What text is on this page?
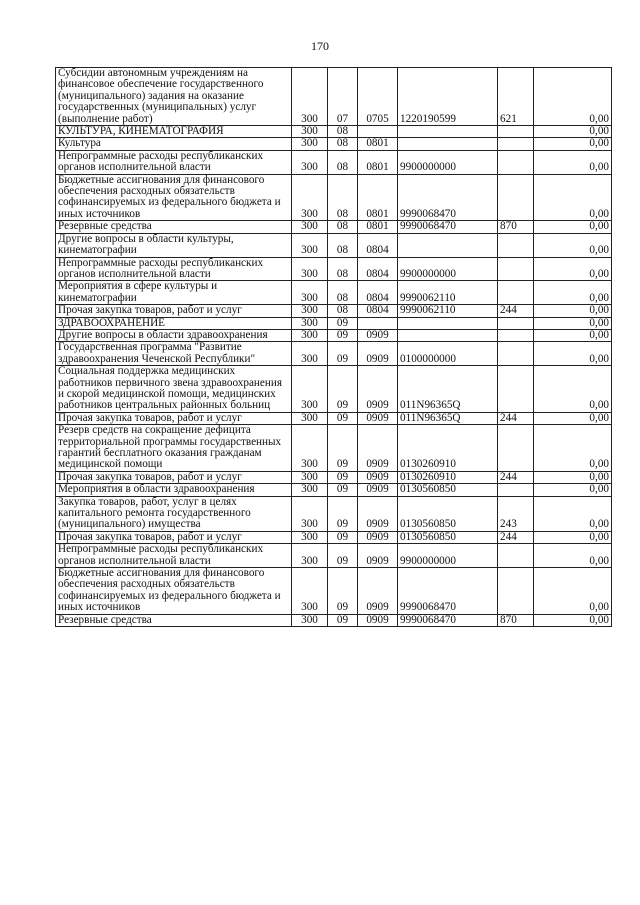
170
Субсидии автономным учреждениям на финансовое обеспечение государственного (муниципального) задания на оказание государственных (муниципальных) услуг (выполнение работ)	300	07	0705	1220190599	621	0,00
КУЛЬТУРА, КИНЕМАТОГРАФИЯ	300	08				0,00
Культура	300	08	0801			0,00
Непрограммные расходы республиканских органов исполнительной власти	300	08	0801	9900000000		0,00
Бюджетные ассигнования для финансового обеспечения расходных обязательств софинансируемых из федерального бюджета и иных источников	300	08	0801	9990068470		0,00
Резервные средства	300	08	0801	9990068470	870	0,00
Другие вопросы в области культуры, кинематографии	300	08	0804			0,00
Непрограммные расходы республиканских органов исполнительной власти	300	08	0804	9900000000		0,00
Мероприятия в сфере культуры и кинематографии	300	08	0804	9990062110		0,00
Прочая закупка товаров, работ и услуг	300	08	0804	9990062110	244	0,00
ЗДРАВООХРАНЕНИЕ	300	09				0,00
Другие вопросы в области здравоохранения	300	09	0909			0,00
Государственная программа "Развитие здравоохранения Чеченской Республики"	300	09	0909	0100000000		0,00
Социальная поддержка медицинских работников первичного звена здравоохранения и скорой медицинской помощи, медицинских работников центральных районных больниц	300	09	0909	011N96365Q		0,00
Прочая закупка товаров, работ и услуг	300	09	0909	011N96365Q	244	0,00
Резерв средств на сокращение дефицита территориальной программы государственных гарантий бесплатного оказания гражданам медицинской помощи	300	09	0909	0130260910		0,00
Прочая закупка товаров, работ и услуг	300	09	0909	0130260910	244	0,00
Мероприятия в области здравоохранения	300	09	0909	0130560850		0,00
Закупка товаров, работ, услуг в целях капитального ремонта государственного (муниципального) имущества	300	09	0909	0130560850	243	0,00
Прочая закупка товаров, работ и услуг	300	09	0909	0130560850	244	0,00
Непрограммные расходы республиканских органов исполнительной власти	300	09	0909	9900000000		0,00
Бюджетные ассигнования для финансового обеспечения расходных обязательств софинансируемых из федерального бюджета и иных источников	300	09	0909	9990068470		0,00
Резервные средства	300	09	0909	9990068470	870	0,00
